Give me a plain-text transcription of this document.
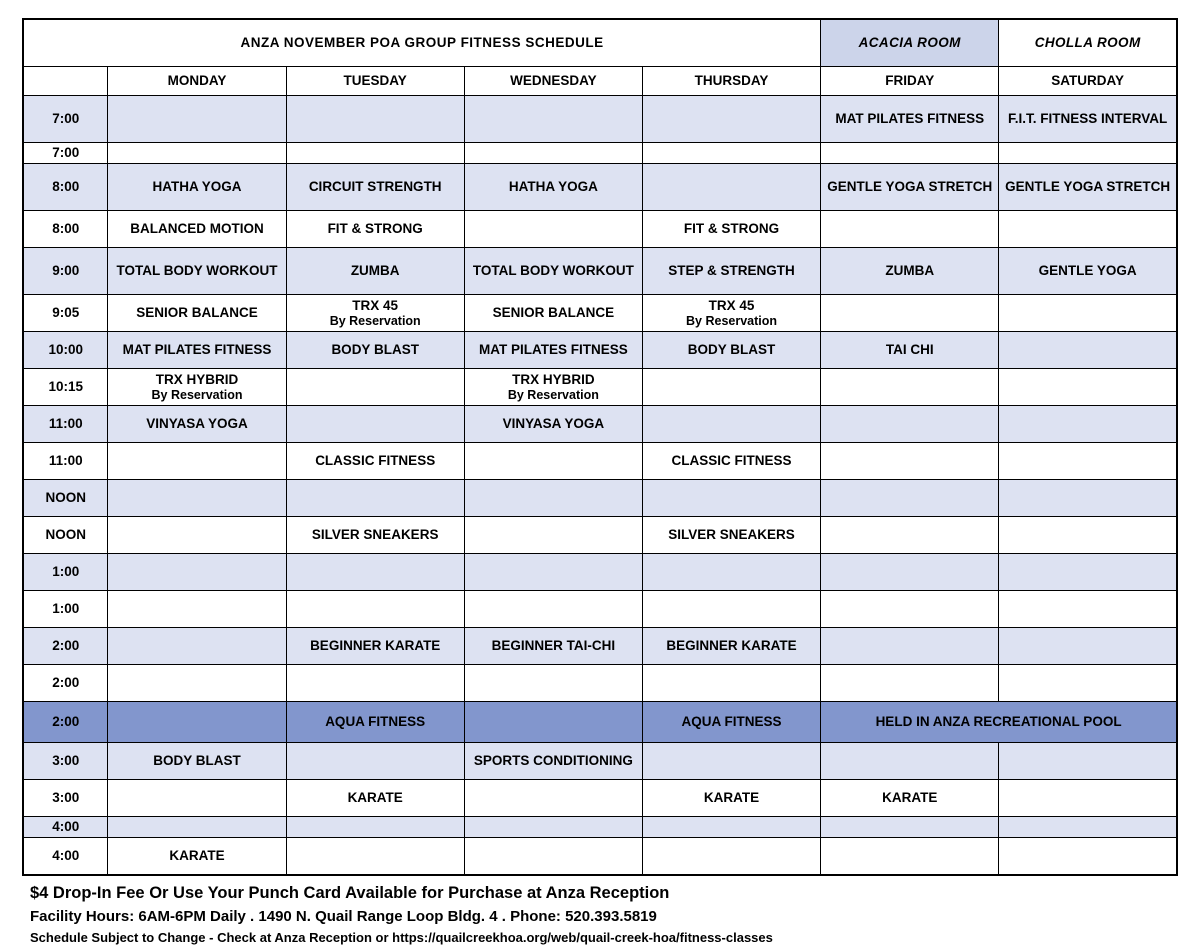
ANZA NOVEMBER POA GROUP FITNESS SCHEDULE					ACACIA ROOM	CHOLLA ROOM
	MONDAY	TUESDAY	WEDNESDAY	THURSDAY	FRIDAY	SATURDAY
7:00					MAT PILATES FITNESS	F.I.T. FITNESS INTERVAL
7:00						
8:00	HATHA YOGA	CIRCUIT STRENGTH	HATHA YOGA		GENTLE YOGA STRETCH	GENTLE YOGA STRETCH
8:00	BALANCED MOTION	FIT & STRONG		FIT & STRONG		
9:00	TOTAL BODY WORKOUT	ZUMBA	TOTAL BODY WORKOUT	STEP & STRENGTH	ZUMBA	GENTLE YOGA
9:05	SENIOR BALANCE	TRX 45
By Reservation	SENIOR BALANCE	TRX 45
By Reservation		

10:00	MAT PILATES FITNESS	BODY BLAST	MAT PILATES FITNESS	BODY BLAST	TAI CHI	
10:15	TRX HYBRID
By Reservation		TRX HYBRID
By Reservation			

11:00	VINYASA YOGA		VINYASA YOGA			
11:00		CLASSIC FITNESS		CLASSIC FITNESS		
NOON						
NOON		SILVER SNEAKERS		SILVER SNEAKERS		
1:00						
1:00						
2:00		BEGINNER KARATE	BEGINNER TAI-CHI	BEGINNER KARATE		
2:00						
2:00		AQUA FITNESS		AQUA FITNESS	HELD IN ANZA RECREATIONAL POOL	
3:00	BODY BLAST		SPORTS CONDITIONING			
3:00		KARATE		KARATE	KARATE	
4:00						
4:00	KARATE					
$4 Drop-In Fee Or Use Your Punch Card Available for Purchase at Anza Reception
Facility Hours: 6AM-6PM Daily . 1490 N. Quail Range Loop Bldg. 4 . Phone: 520.393.5819
Schedule Subject to Change - Check at Anza Reception or https://quailcreekhoa.org/web/quail-creek-hoa/fitness-classes
